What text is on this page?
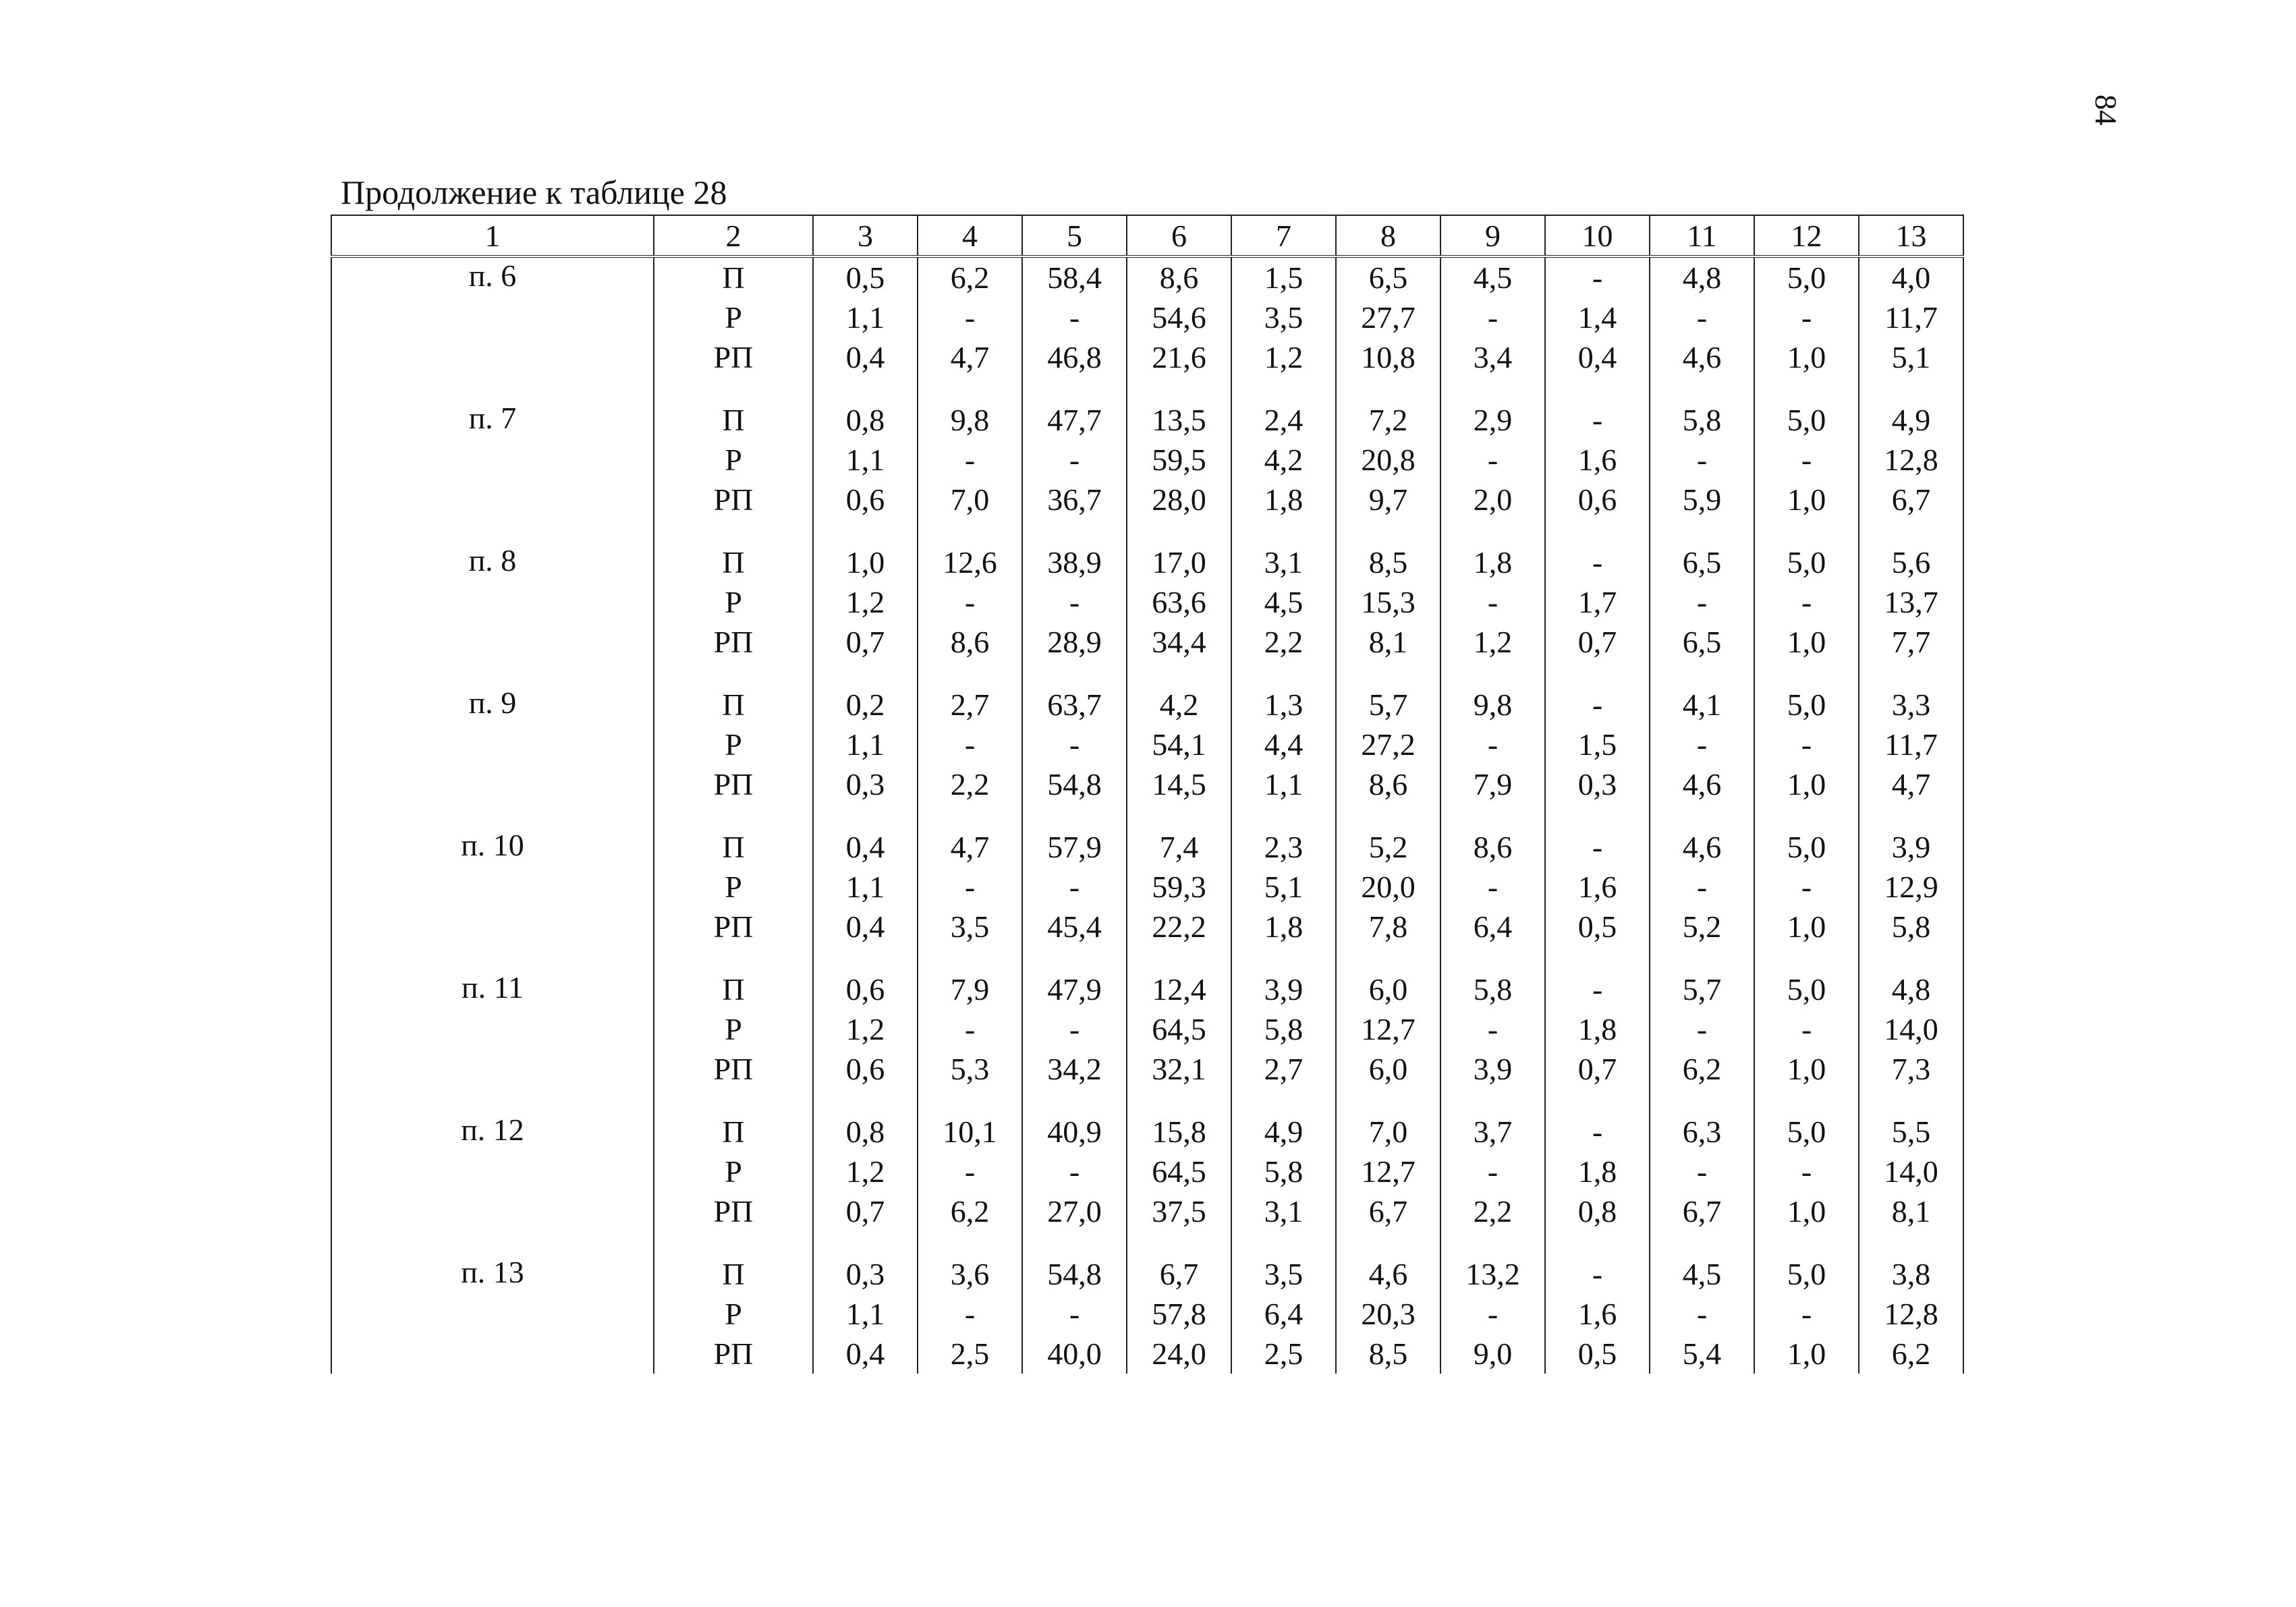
84
Продолжение к таблице 28
1	2	3	4	5	6	7	8	9	10	11	12	13
п. 6	П	0,5	6,2	58,4	8,6	1,5	6,5	4,5	-	4,8	5,0	4,0
	Р	1,1	-	-	54,6	3,5	27,7	-	1,4	-	-	11,7
	РП	0,4	4,7	46,8	21,6	1,2	10,8	3,4	0,4	4,6	1,0	5,1

п. 7	П	0,8	9,8	47,7	13,5	2,4	7,2	2,9	-	5,8	5,0	4,9
	Р	1,1	-	-	59,5	4,2	20,8	-	1,6	-	-	12,8
	РП	0,6	7,0	36,7	28,0	1,8	9,7	2,0	0,6	5,9	1,0	6,7

п. 8	П	1,0	12,6	38,9	17,0	3,1	8,5	1,8	-	6,5	5,0	5,6
	Р	1,2	-	-	63,6	4,5	15,3	-	1,7	-	-	13,7
	РП	0,7	8,6	28,9	34,4	2,2	8,1	1,2	0,7	6,5	1,0	7,7

п. 9	П	0,2	2,7	63,7	4,2	1,3	5,7	9,8	-	4,1	5,0	3,3
	Р	1,1	-	-	54,1	4,4	27,2	-	1,5	-	-	11,7
	РП	0,3	2,2	54,8	14,5	1,1	8,6	7,9	0,3	4,6	1,0	4,7

п. 10	П	0,4	4,7	57,9	7,4	2,3	5,2	8,6	-	4,6	5,0	3,9
	Р	1,1	-	-	59,3	5,1	20,0	-	1,6	-	-	12,9
	РП	0,4	3,5	45,4	22,2	1,8	7,8	6,4	0,5	5,2	1,0	5,8

п. 11	П	0,6	7,9	47,9	12,4	3,9	6,0	5,8	-	5,7	5,0	4,8
	Р	1,2	-	-	64,5	5,8	12,7	-	1,8	-	-	14,0
	РП	0,6	5,3	34,2	32,1	2,7	6,0	3,9	0,7	6,2	1,0	7,3

п. 12	П	0,8	10,1	40,9	15,8	4,9	7,0	3,7	-	6,3	5,0	5,5
	Р	1,2	-	-	64,5	5,8	12,7	-	1,8	-	-	14,0
	РП	0,7	6,2	27,0	37,5	3,1	6,7	2,2	0,8	6,7	1,0	8,1

п. 13	П	0,3	3,6	54,8	6,7	3,5	4,6	13,2	-	4,5	5,0	3,8
	Р	1,1	-	-	57,8	6,4	20,3	-	1,6	-	-	12,8
	РП	0,4	2,5	40,0	24,0	2,5	8,5	9,0	0,5	5,4	1,0	6,2
